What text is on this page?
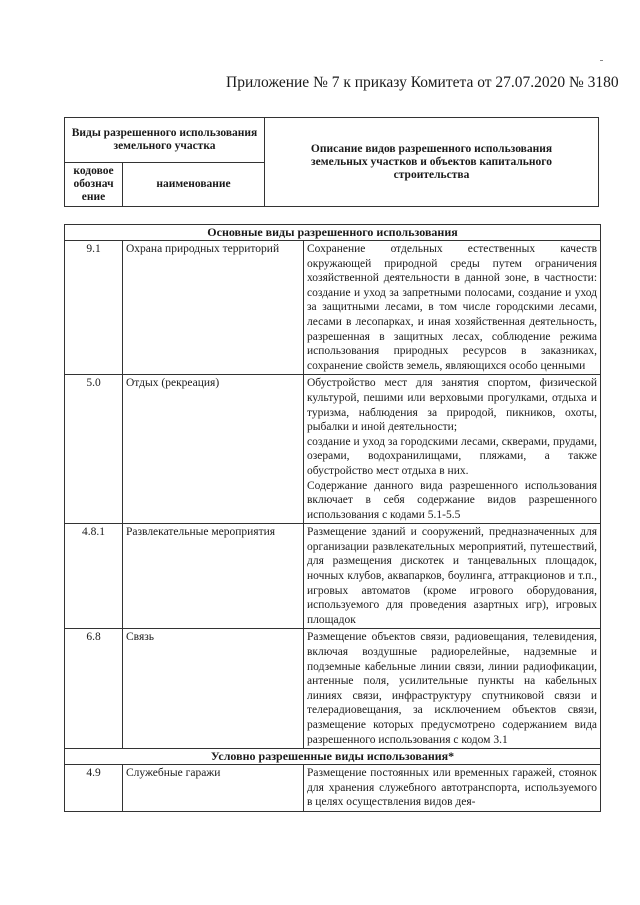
Приложение № 7 к приказу Комитета от 27.07.2020 № 3180
Виды разрешенного использования земельного участка		Описание видов разрешенного использования земельных участков и объектов капитального строительства
кодовое обознач ение	наименование	
Основные виды разрешенного использования		
9.1	Охрана природных территорий	Сохранение отдельных естественных качеств окружающей природной среды путем ограничения хозяйственной деятельности в данной зоне, в частности: создание и уход за запретными полосами, создание и уход за защитными лесами, в том числе городскими лесами, лесами в лесопарках, и иная хозяйственная деятельность, разрешенная в защитных лесах, соблюдение режима использования природных ресурсов в заказниках, сохранение свойств земель, являющихся особо ценными
5.0	Отдых (рекреация)	Обустройство мест для занятия спортом, физической культурой, пешими или верховыми прогулками, отдыха и туризма, наблюдения за природой, пикников, охоты, рыбалки и иной деятельности;

создание и уход за городскими лесами, скверами, прудами, озерами, водохранилищами, пляжами, а также обустройство мест отдыха в них.

Содержание данного вида разрешенного использования включает в себя содержание видов разрешенного использования с кодами 5.1-5.5

4.8.1	Развлекательные мероприятия	Размещение зданий и сооружений, предназначенных для организации развлекательных мероприятий, путешествий, для размещения дискотек и танцевальных площадок, ночных клубов, аквапарков, боулинга, аттракционов и т.п., игровых автоматов (кроме игрового оборудования, используемого для проведения азартных игр), игровых площадок
6.8	Связь	Размещение объектов связи, радиовещания, телевидения, включая воздушные радиорелейные, надземные и подземные кабельные линии связи, линии радиофикации, антенные поля, усилительные пункты на кабельных линиях связи, инфраструктуру спутниковой связи и телерадиовещания, за исключением объектов связи, размещение которых предусмотрено содержанием вида разрешенного использования с кодом 3.1
Условно разрешенные виды использования*		
4.9	Служебные гаражи	Размещение постоянных или временных гаражей, стоянок для хранения служебного автотранспорта, используемого в целях осуществления видов дея-
